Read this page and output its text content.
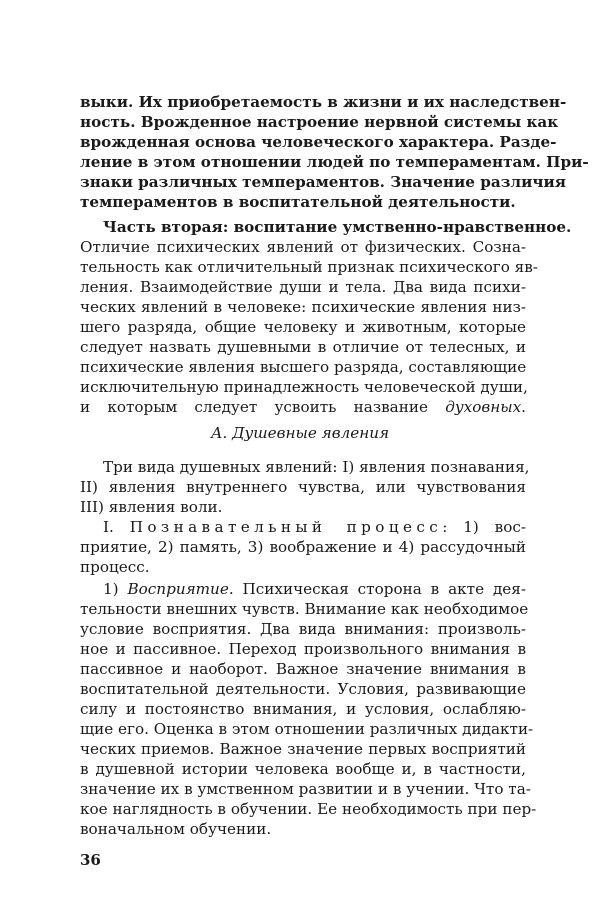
выки. Их приобретаемость в жизни и их наследствен-
ность. Врожденное настроение нервной системы как
врожденная основа человеческого характера. Разде-
ление в этом отношении людей по темпераментам. При-
знаки различных темпераментов. Значение различия
темпераментов в воспитательной деятельности.
Часть вторая: воспитание умственно-нравственное.
Отличие психических явлений от физических. Созна-
тельность как отличительный признак психического яв-
ления. Взаимодействие души и тела. Два вида психи-
ческих явлений в человеке: психические явления низ-
шего разряда, общие человеку и животным, которые
следует назвать душевными в отличие от телесных, и
психические явления высшего разряда, составляющие
исключительную принадлежность человеческой души,
и которым следует усвоить название духовных.
А. Душевные явления
Три вида душевных явлений: I) явления познавания,
II) явления внутреннего чувства, или чувствования
III) явления воли.
I. Познавательный процесс: 1) вос-
приятие, 2) память, 3) воображение и 4) рассудочный
процесс.
1) Восприятие. Психическая сторона в акте дея-
тельности внешних чувств. Внимание как необходимое
условие восприятия. Два вида внимания: произволь-
ное и пассивное. Переход произвольного внимания в
пассивное и наоборот. Важное значение внимания в
воспитательной деятельности. Условия, развивающие
силу и постоянство внимания, и условия, ослабляю-
щие его. Оценка в этом отношении различных дидакти-
ческих приемов. Важное значение первых восприятий
в душевной истории человека вообще и, в частности,
значение их в умственном развитии и в учении. Что та-
кое наглядность в обучении. Ее необходимость при пер-
воначальном обучении.
36
